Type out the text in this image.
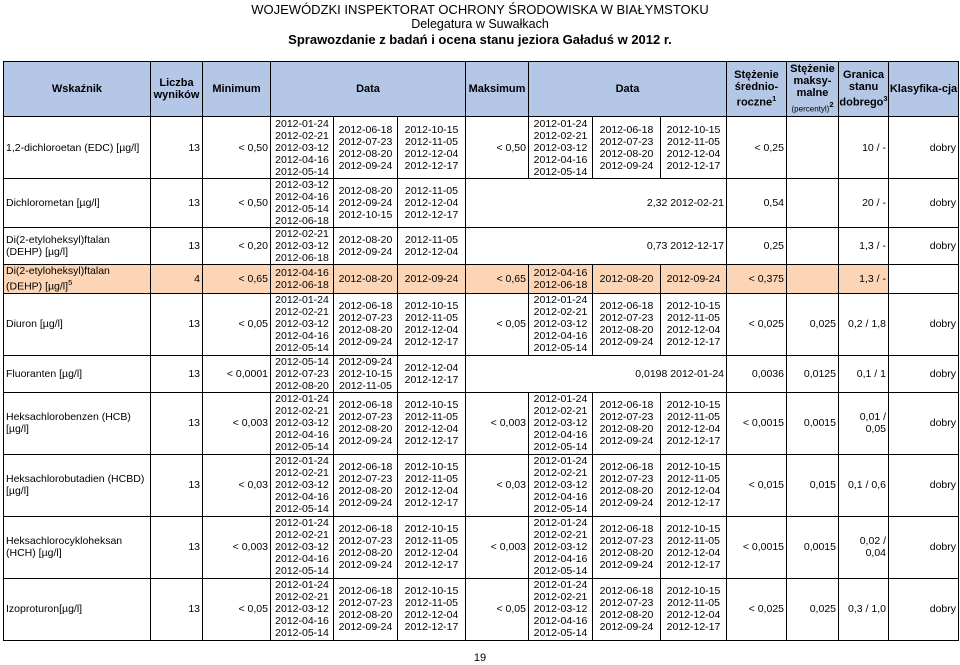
WOJEWÓDZKI INSPEKTORAT OCHRONY ŚRODOWISKA W BIAŁYMSTOKU
Delegatura w Suwałkach
Sprawozdanie z badań i ocena stanu jeziora Gaładuś w 2012 r.
Wskaźnik	Liczba wyników	Minimum	Data			Maksimum	Data			Stężenie średnio-roczne$^1$	Stężenie maksy-malne
(percentyl)$^2$	Granica stanu dobrego$^3$	Klasyfika-cja
1,2-dichloroetan (EDC) [µg/l]	13	< 0,50	2012-01-24
2012-02-21
2012-03-12
2012-04-16
2012-05-14	2012-06-18
2012-07-23
2012-08-20
2012-09-24	2012-10-15
2012-11-05
2012-12-04
2012-12-17	< 0,50	2012-01-24
2012-02-21
2012-03-12
2012-04-16
2012-05-14	2012-06-18
2012-07-23
2012-08-20
2012-09-24	2012-10-15
2012-11-05
2012-12-04
2012-12-17	< 0,25		10 / -	dobry
Dichlorometan [µg/l]	13	< 0,50	2012-03-12
2012-04-16
2012-05-14
2012-06-18	2012-08-20
2012-09-24
2012-10-15	2012-11-05
2012-12-04
2012-12-17	2,32 2012-02-21				0,54		20 / -	dobry
Di(2-etyloheksyl)ftalan (DEHP) [µg/l]	13	< 0,20	2012-02-21
2012-03-12
2012-06-18	2012-08-20
2012-09-24	2012-11-05
2012-12-04	0,73 2012-12-17				0,25		1,3 / -	dobry
Di(2-etyloheksyl)ftalan (DEHP) $[\mu g/l]^5$	4	< 0,65	2012-04-16
2012-06-18	2012-08-20	2012-09-24	< 0,65	2012-04-16
2012-06-18	2012-08-20	2012-09-24	< 0,375		1,3 / -	
Diuron [µg/l]	13	< 0,05	2012-01-24
2012-02-21
2012-03-12
2012-04-16
2012-05-14	2012-06-18
2012-07-23
2012-08-20
2012-09-24	2012-10-15
2012-11-05
2012-12-04
2012-12-17	< 0,05	2012-01-24
2012-02-21
2012-03-12
2012-04-16
2012-05-14	2012-06-18
2012-07-23
2012-08-20
2012-09-24	2012-10-15
2012-11-05
2012-12-04
2012-12-17	< 0,025	0,025	0,2 / 1,8	dobry
Fluoranten [µg/l]	13	< 0,0001	2012-05-14
2012-07-23
2012-08-20	2012-09-24
2012-10-15
2012-11-05	2012-12-04
2012-12-17	0,0198 2012-01-24				0,0036	0,0125	0,1 / 1	dobry
Heksachlorobenzen (HCB) [µg/l]	13	< 0,003	2012-01-24
2012-02-21
2012-03-12
2012-04-16
2012-05-14	2012-06-18
2012-07-23
2012-08-20
2012-09-24	2012-10-15
2012-11-05
2012-12-04
2012-12-17	< 0,003	2012-01-24
2012-02-21
2012-03-12
2012-04-16
2012-05-14	2012-06-18
2012-07-23
2012-08-20
2012-09-24	2012-10-15
2012-11-05
2012-12-04
2012-12-17	< 0,0015	0,0015	0,01 / 0,05	dobry
Heksachlorobutadien (HCBD) [µg/l]	13	< 0,03	2012-01-24
2012-02-21
2012-03-12
2012-04-16
2012-05-14	2012-06-18
2012-07-23
2012-08-20
2012-09-24	2012-10-15
2012-11-05
2012-12-04
2012-12-17	< 0,03	2012-01-24
2012-02-21
2012-03-12
2012-04-16
2012-05-14	2012-06-18
2012-07-23
2012-08-20
2012-09-24	2012-10-15
2012-11-05
2012-12-04
2012-12-17	< 0,015	0,015	0,1 / 0,6	dobry
Heksachlorocykloheksan (HCH) [µg/l]	13	< 0,003	2012-01-24
2012-02-21
2012-03-12
2012-04-16
2012-05-14	2012-06-18
2012-07-23
2012-08-20
2012-09-24	2012-10-15
2012-11-05
2012-12-04
2012-12-17	< 0,003	2012-01-24
2012-02-21
2012-03-12
2012-04-16
2012-05-14	2012-06-18
2012-07-23
2012-08-20
2012-09-24	2012-10-15
2012-11-05
2012-12-04
2012-12-17	< 0,0015	0,0015	0,02 / 0,04	dobry
Izoproturon[µg/l]	13	< 0,05	2012-01-24
2012-02-21
2012-03-12
2012-04-16
2012-05-14	2012-06-18
2012-07-23
2012-08-20
2012-09-24	2012-10-15
2012-11-05
2012-12-04
2012-12-17	< 0,05	2012-01-24
2012-02-21
2012-03-12
2012-04-16
2012-05-14	2012-06-18
2012-07-23
2012-08-20
2012-09-24	2012-10-15
2012-11-05
2012-12-04
2012-12-17	< 0,025	0,025	0,3 / 1,0	dobry
19
